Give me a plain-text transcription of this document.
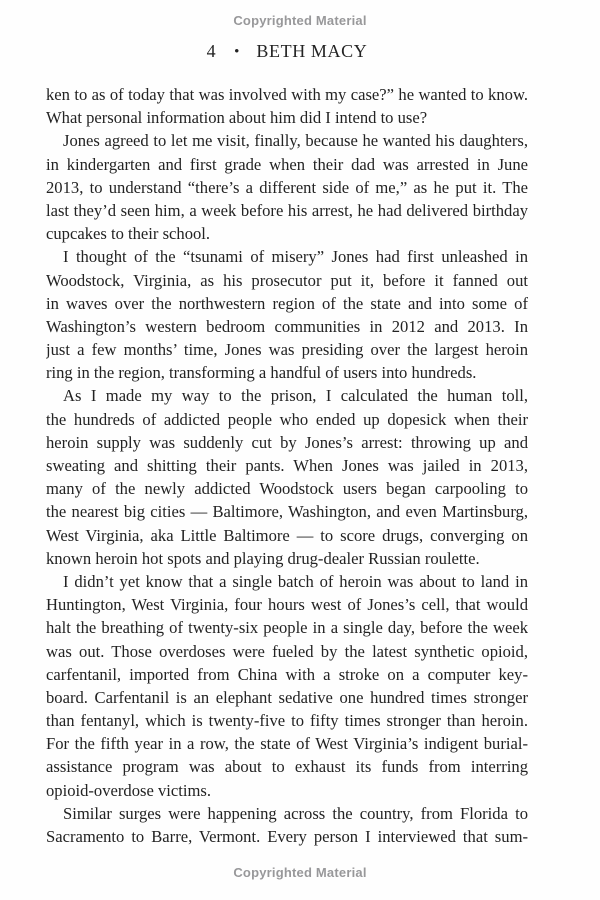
Copyrighted Material
4 • BETH MACY
ken to as of today that was involved with my case?” he wanted to know.
What personal information about him did I intend to use?
Jones agreed to let me visit, finally, because he wanted his daughters,
in kindergarten and first grade when their dad was arrested in June
2013, to understand “there’s a different side of me,” as he put it. The
last they’d seen him, a week before his arrest, he had delivered birthday
cupcakes to their school.
I thought of the “tsunami of misery” Jones had first unleashed in
Woodstock, Virginia, as his prosecutor put it, before it fanned out
in waves over the northwestern region of the state and into some of
Washington’s western bedroom communities in 2012 and 2013. In
just a few months’ time, Jones was presiding over the largest heroin
ring in the region, transforming a handful of users into hundreds.
As I made my way to the prison, I calculated the human toll,
the hundreds of addicted people who ended up dopesick when their
heroin supply was suddenly cut by Jones’s arrest: throwing up and
sweating and shitting their pants. When Jones was jailed in 2013,
many of the newly addicted Woodstock users began carpooling to
the nearest big cities — Baltimore, Washington, and even Martinsburg,
West Virginia, aka Little Baltimore — to score drugs, converging on
known heroin hot spots and playing drug-dealer Russian roulette.
I didn’t yet know that a single batch of heroin was about to land in
Huntington, West Virginia, four hours west of Jones’s cell, that would
halt the breathing of twenty-six people in a single day, before the week
was out. Those overdoses were fueled by the latest synthetic opioid,
carfentanil, imported from China with a stroke on a computer key-
board. Carfentanil is an elephant sedative one hundred times stronger
than fentanyl, which is twenty-five to fifty times stronger than heroin.
For the fifth year in a row, the state of West Virginia’s indigent burial-
assistance program was about to exhaust its funds from interring
opioid-overdose victims.
Similar surges were happening across the country, from Florida to
Sacramento to Barre, Vermont. Every person I interviewed that sum-
Copyrighted Material
